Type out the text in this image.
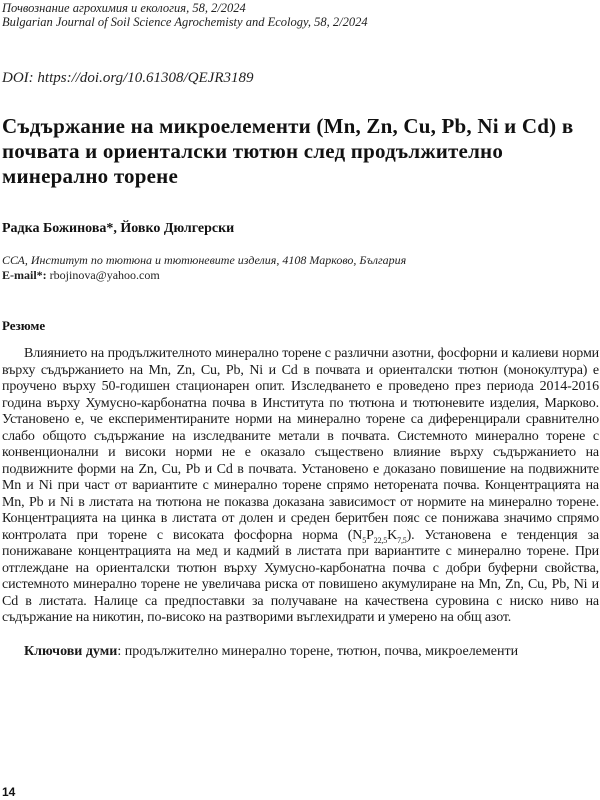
Почвознание агрохимия и екология, 58, 2/2024
Bulgarian Journal of Soil Science Agrochemisty and Ecology, 58, 2/2024
DOI: https://doi.org/10.61308/QEJR3189
Съдържание на микроелементи (Mn, Zn, Cu, Pb, Ni и Cd) в почвата и ориенталски тютюн след продължително минерално торене
Радка Божинова*, Йовко Дюлгерски
ССА, Институт по тютюна и тютюневите изделия, 4108 Марково, България
E-mail*: rbojinova@yahoo.com
Резюме

Влиянието на продължителното минерално торене с различни азотни, фосфорни и калиеви норми върху съдържанието на Mn, Zn, Cu, Pb, Ni и Cd в почвата и ориенталски тютюн (монокултура) е проучено върху 50-годишен стационарен опит. Изследването е проведено през периода 2014-2016 година върху Хумусно-карбонатна почва в Института по тютюна и тютюневите изделия, Марково. Установено е, че експериментираните норми на минерално торене са диференцирали сравнително слабо общото съдържание на изследваните метали в почвата. Системното минерално торене с конвенционални и високи норми не е оказало съществено влияние върху съдържанието на подвижните форми на Zn, Cu, Pb и Cd в почвата. Установено е доказано повишение на подвижните Mn и Ni при част от вариантите с минерално торене спрямо неторената почва. Концентрацията на Mn, Pb и Ni в листата на тютюна не показва доказана зависимост от нормите на минерално торене. Концентрацията на цинка в листата от долен и среден беритбен пояс се понижава значимо спрямо контролата при торене с високата фосфорна норма $(N_5P_{22,5}K_{7,5})$. Установена е тенденция за понижаване концентрацията на мед и кадмий в листата при вариантите с минерално торене. При отглеждане на ориенталски тютюн върху Хумусно-карбонатна почва с добри буферни свойства, системното минерално торене не увеличава риска от повишено акумулиране на Mn, Zn, Cu, Pb, Ni и Cd в листата. Налице са предпоставки за получаване на качествена суровина с ниско ниво на съдържание на никотин, по-високо на разтворими въглехидрати и умерено на общ азот.

Ключови думи: продължително минерално торене, тютюн, почва, микроелементи
14
